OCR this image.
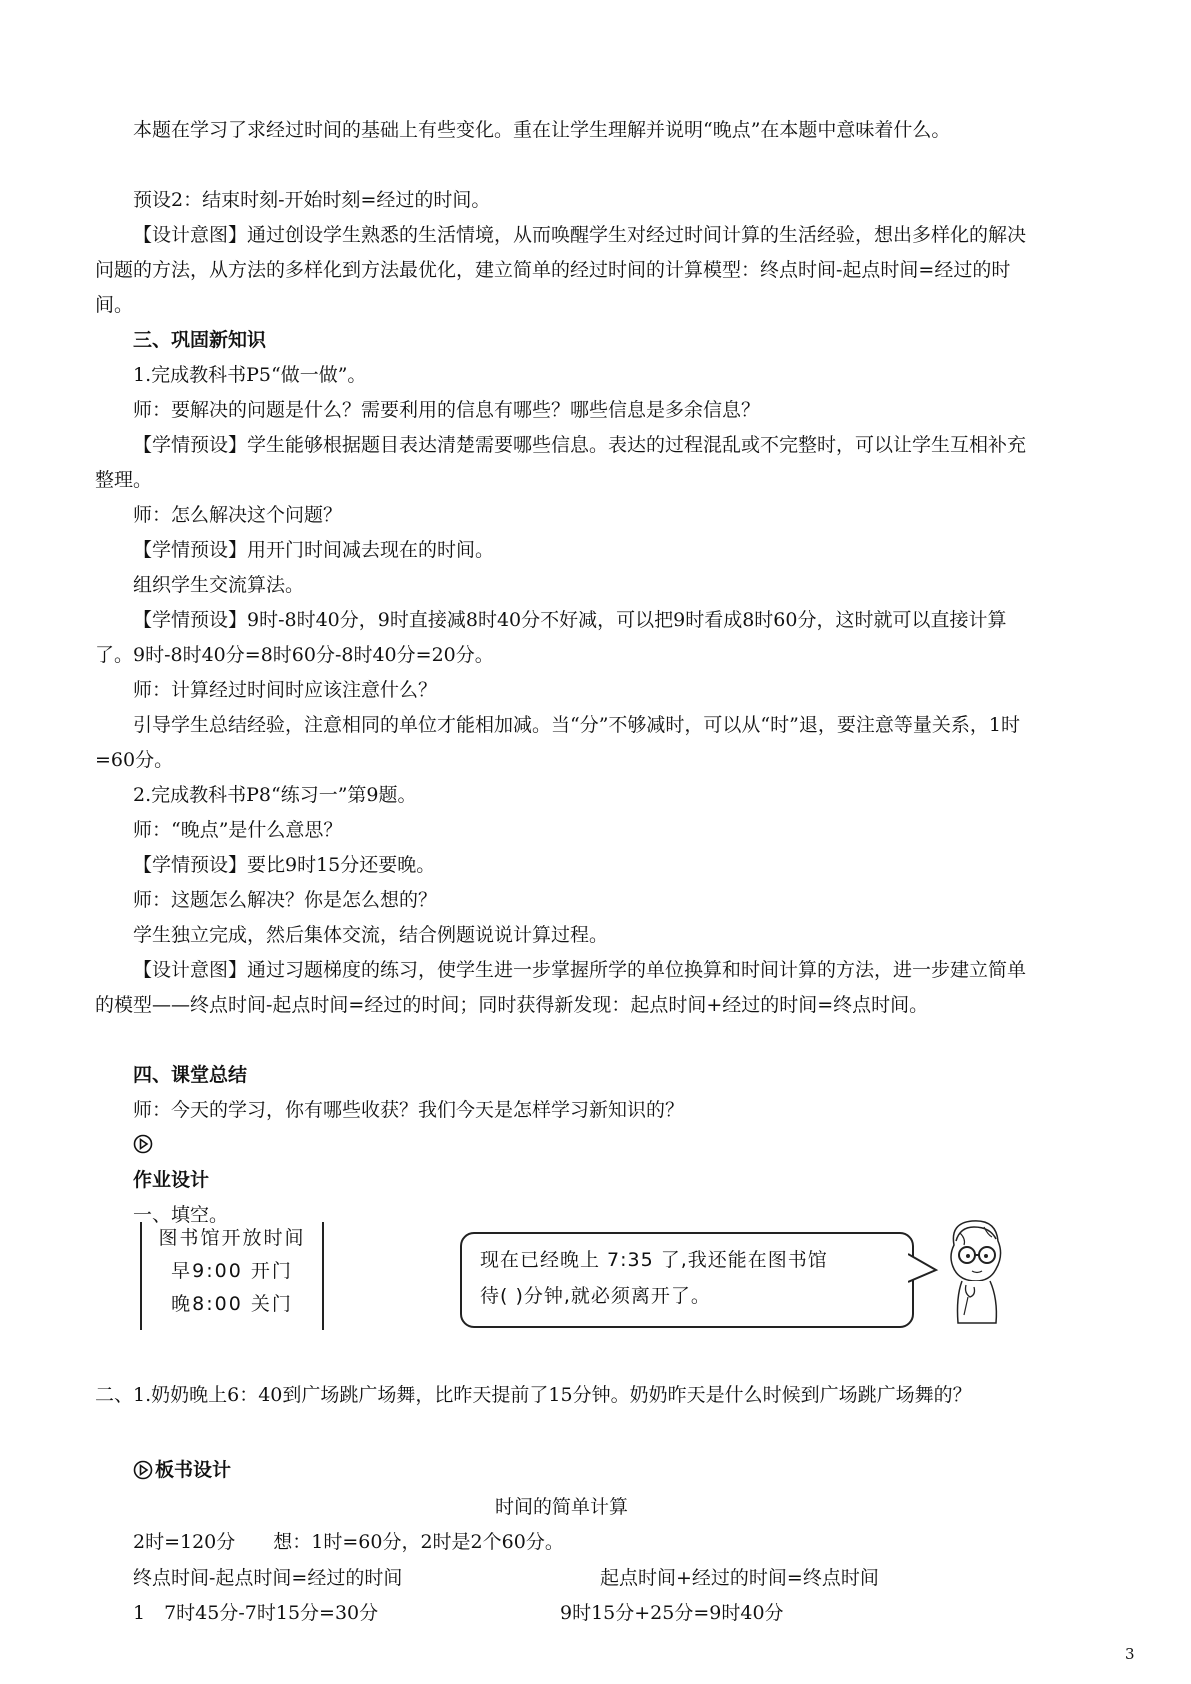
本题在学习了求经过时间的基础上有些变化。重在让学生理解并说明“晚点”在本题中意味着什么。

预设2：结束时刻-开始时刻=经过的时间。

【设计意图】通过创设学生熟悉的生活情境，从而唤醒学生对经过时间计算的生活经验，想出多样化的解决问题的方法，从方法的多样化到方法最优化，建立简单的经过时间的计算模型：终点时间-起点时间=经过的时间。

三、巩固新知识

1.完成教科书P5“做一做”。

师：要解决的问题是什么？需要利用的信息有哪些？哪些信息是多余信息？

【学情预设】学生能够根据题目表达清楚需要哪些信息。表达的过程混乱或不完整时，可以让学生互相补充整理。

师：怎么解决这个问题？

【学情预设】用开门时间减去现在的时间。

组织学生交流算法。

【学情预设】9时-8时40分，9时直接减8时40分不好减，可以把9时看成8时60分，这时就可以直接计算了。9时-8时40分=8时60分-8时40分=20分。

师：计算经过时间时应该注意什么？

引导学生总结经验，注意相同的单位才能相加减。当“分”不够减时，可以从“时”退，要注意等量关系，1时=60分。

2.完成教科书P8“练习一”第9题。

师：“晚点”是什么意思？

【学情预设】要比9时15分还要晚。

师：这题怎么解决？你是怎么想的？

学生独立完成，然后集体交流，结合例题说说计算过程。

【设计意图】通过习题梯度的练习，使学生进一步掌握所学的单位换算和时间计算的方法，进一步建立简单的模型——终点时间-起点时间=经过的时间；同时获得新发现：起点时间+经过的时间=终点时间。

四、课堂总结

师：今天的学习，你有哪些收获？我们今天是怎样学习新知识的？

作业设计

一、填空。

图书馆开放时间
早9:00 开门
晚8:00 关门
现在已经晚上 7:35 了,我还能在图书馆
待( )分钟,就必须离开了。

二、1.奶奶晚上6：40到广场跳广场舞，比昨天提前了15分钟。奶奶昨天是什么时候到广场跳广场舞的？

板书设计

时间的简单计算

2时=120分　　想：1时=60分，2时是2个60分。

终点时间-起点时间=经过的时间	起点时间+经过的时间=终点时间

1　7时45分-7时15分=30分	9时15分+25分=9时40分

3
